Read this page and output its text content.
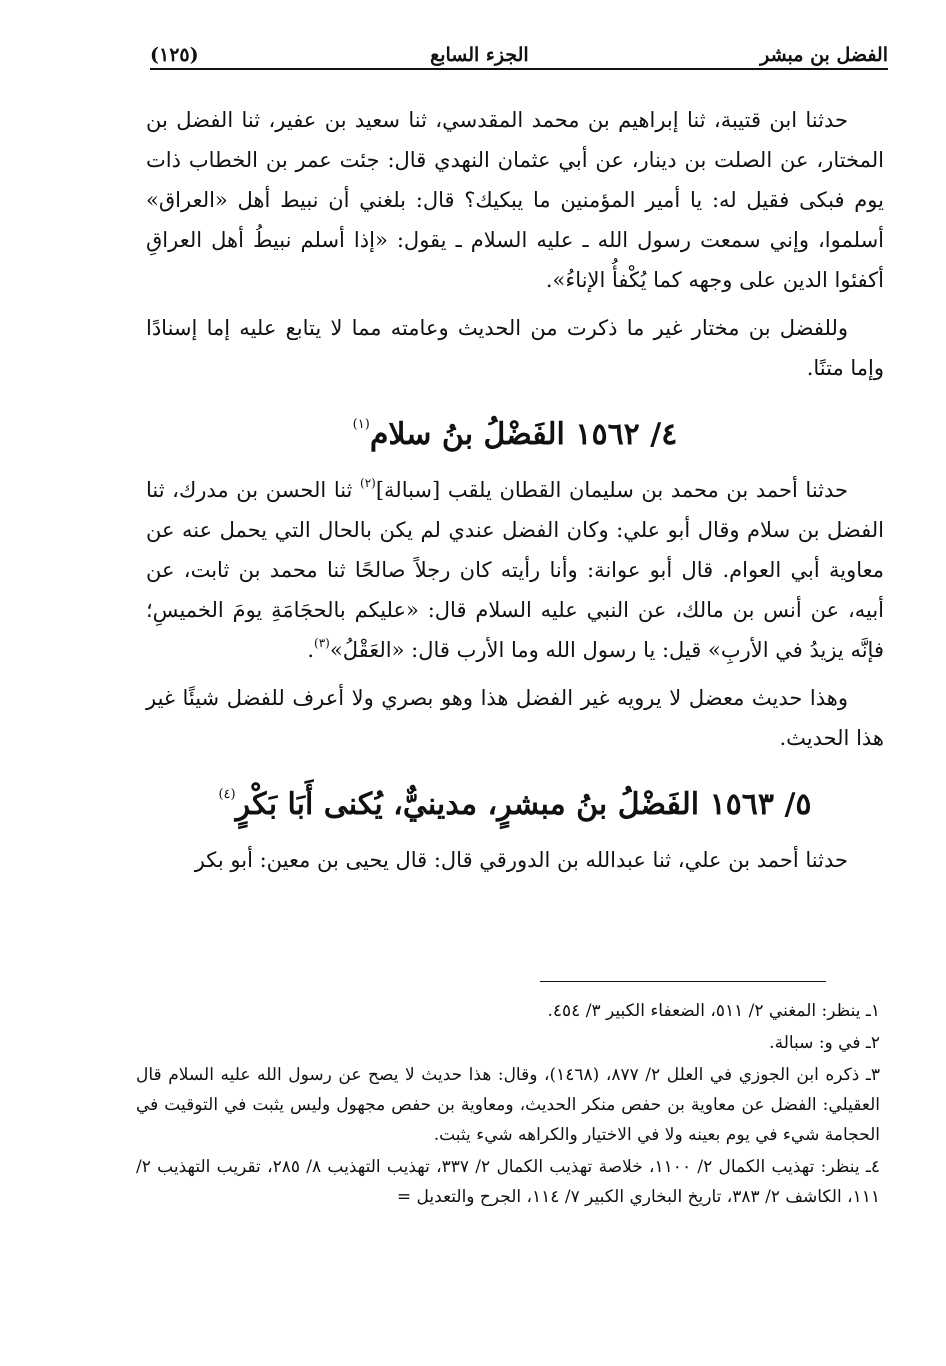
الفضل بن مبشر
الجزء السابع
(١٢٥)

حدثنا ابن قتيبة، ثنا إبراهيم بن محمد المقدسي، ثنا سعيد بن عفير، ثنا الفضل بن المختار، عن الصلت بن دينار، عن أبي عثمان النهدي قال: جئت عمر بن الخطاب ذات يوم فبكى فقيل له: يا أمير المؤمنين ما يبكيك؟ قال: بلغني أن نبيط أهل «العراق» أسلموا، وإني سمعت رسول الله ـ عليه السلام ـ يقول: «إذا أسلم نبيطُ أهل العراقِ أكفئوا الدين على وجهه كما يُكْفأُ الإناءُ».

وللفضل بن مختار غير ما ذكرت من الحديث وعامته مما لا يتابع عليه إما إسنادًا وإما متنًا.

٤/ ١٥٦٢ الفَضْلُ بنُ سلام$^{(١)}$

حدثنا أحمد بن محمد بن سليمان القطان يلقب [سبالة]$^{(٢)}$ ثنا الحسن بن مدرك، ثنا الفضل بن سلام وقال أبو علي: وكان الفضل عندي لم يكن بالحال التي يحمل عنه عن معاوية أبي العوام. قال أبو عوانة: وأنا رأيته كان رجلاً صالحًا ثنا محمد بن ثابت، عن أبيه، عن أنس بن مالك، عن النبي عليه السلام قال: «عليكم بالحجَامَةِ يومَ الخميسِ؛ فإنَّه يزيدُ في الأربِ» قيل: يا رسول الله وما الأرب قال: «العَقْلُ»$^{(٣)}$.

وهذا حديث معضل لا يرويه غير الفضل هذا وهو بصري ولا أعرف للفضل شيئًا غير هذا الحديث.

٥/ ١٥٦٣ الفَضْلُ بنُ مبشرٍ، مدينيٌّ، يُكنى أَبَا بَكْرٍ$^{(٤)}$

حدثنا أحمد بن علي، ثنا عبدالله بن الدورقي قال: قال يحيى بن معين: أبو بكر

١ـ ينظر: المغني ٢/ ٥١١، الضعفاء الكبير ٣/ ٤٥٤.

٢ـ في و: سبالة.

٣ـ ذكره ابن الجوزي في العلل ٢/ ٨٧٧، (١٤٦٨)، وقال: هذا حديث لا يصح عن رسول الله عليه السلام قال العقيلي: الفضل عن معاوية بن حفص منكر الحديث، ومعاوية بن حفص مجهول وليس يثبت في التوقيت في الحجامة شيء في يوم بعينه ولا في الاختيار والكراهه شيء يثبت.

٤ـ ينظر: تهذيب الكمال ٢/ ١١٠٠، خلاصة تهذيب الكمال ٢/ ٣٣٧، تهذيب التهذيب ٨/ ٢٨٥، تقريب التهذيب ٢/ ١١١، الكاشف ٢/ ٣٨٣، تاريخ البخاري الكبير ٧/ ١١٤، الجرح والتعديل =
